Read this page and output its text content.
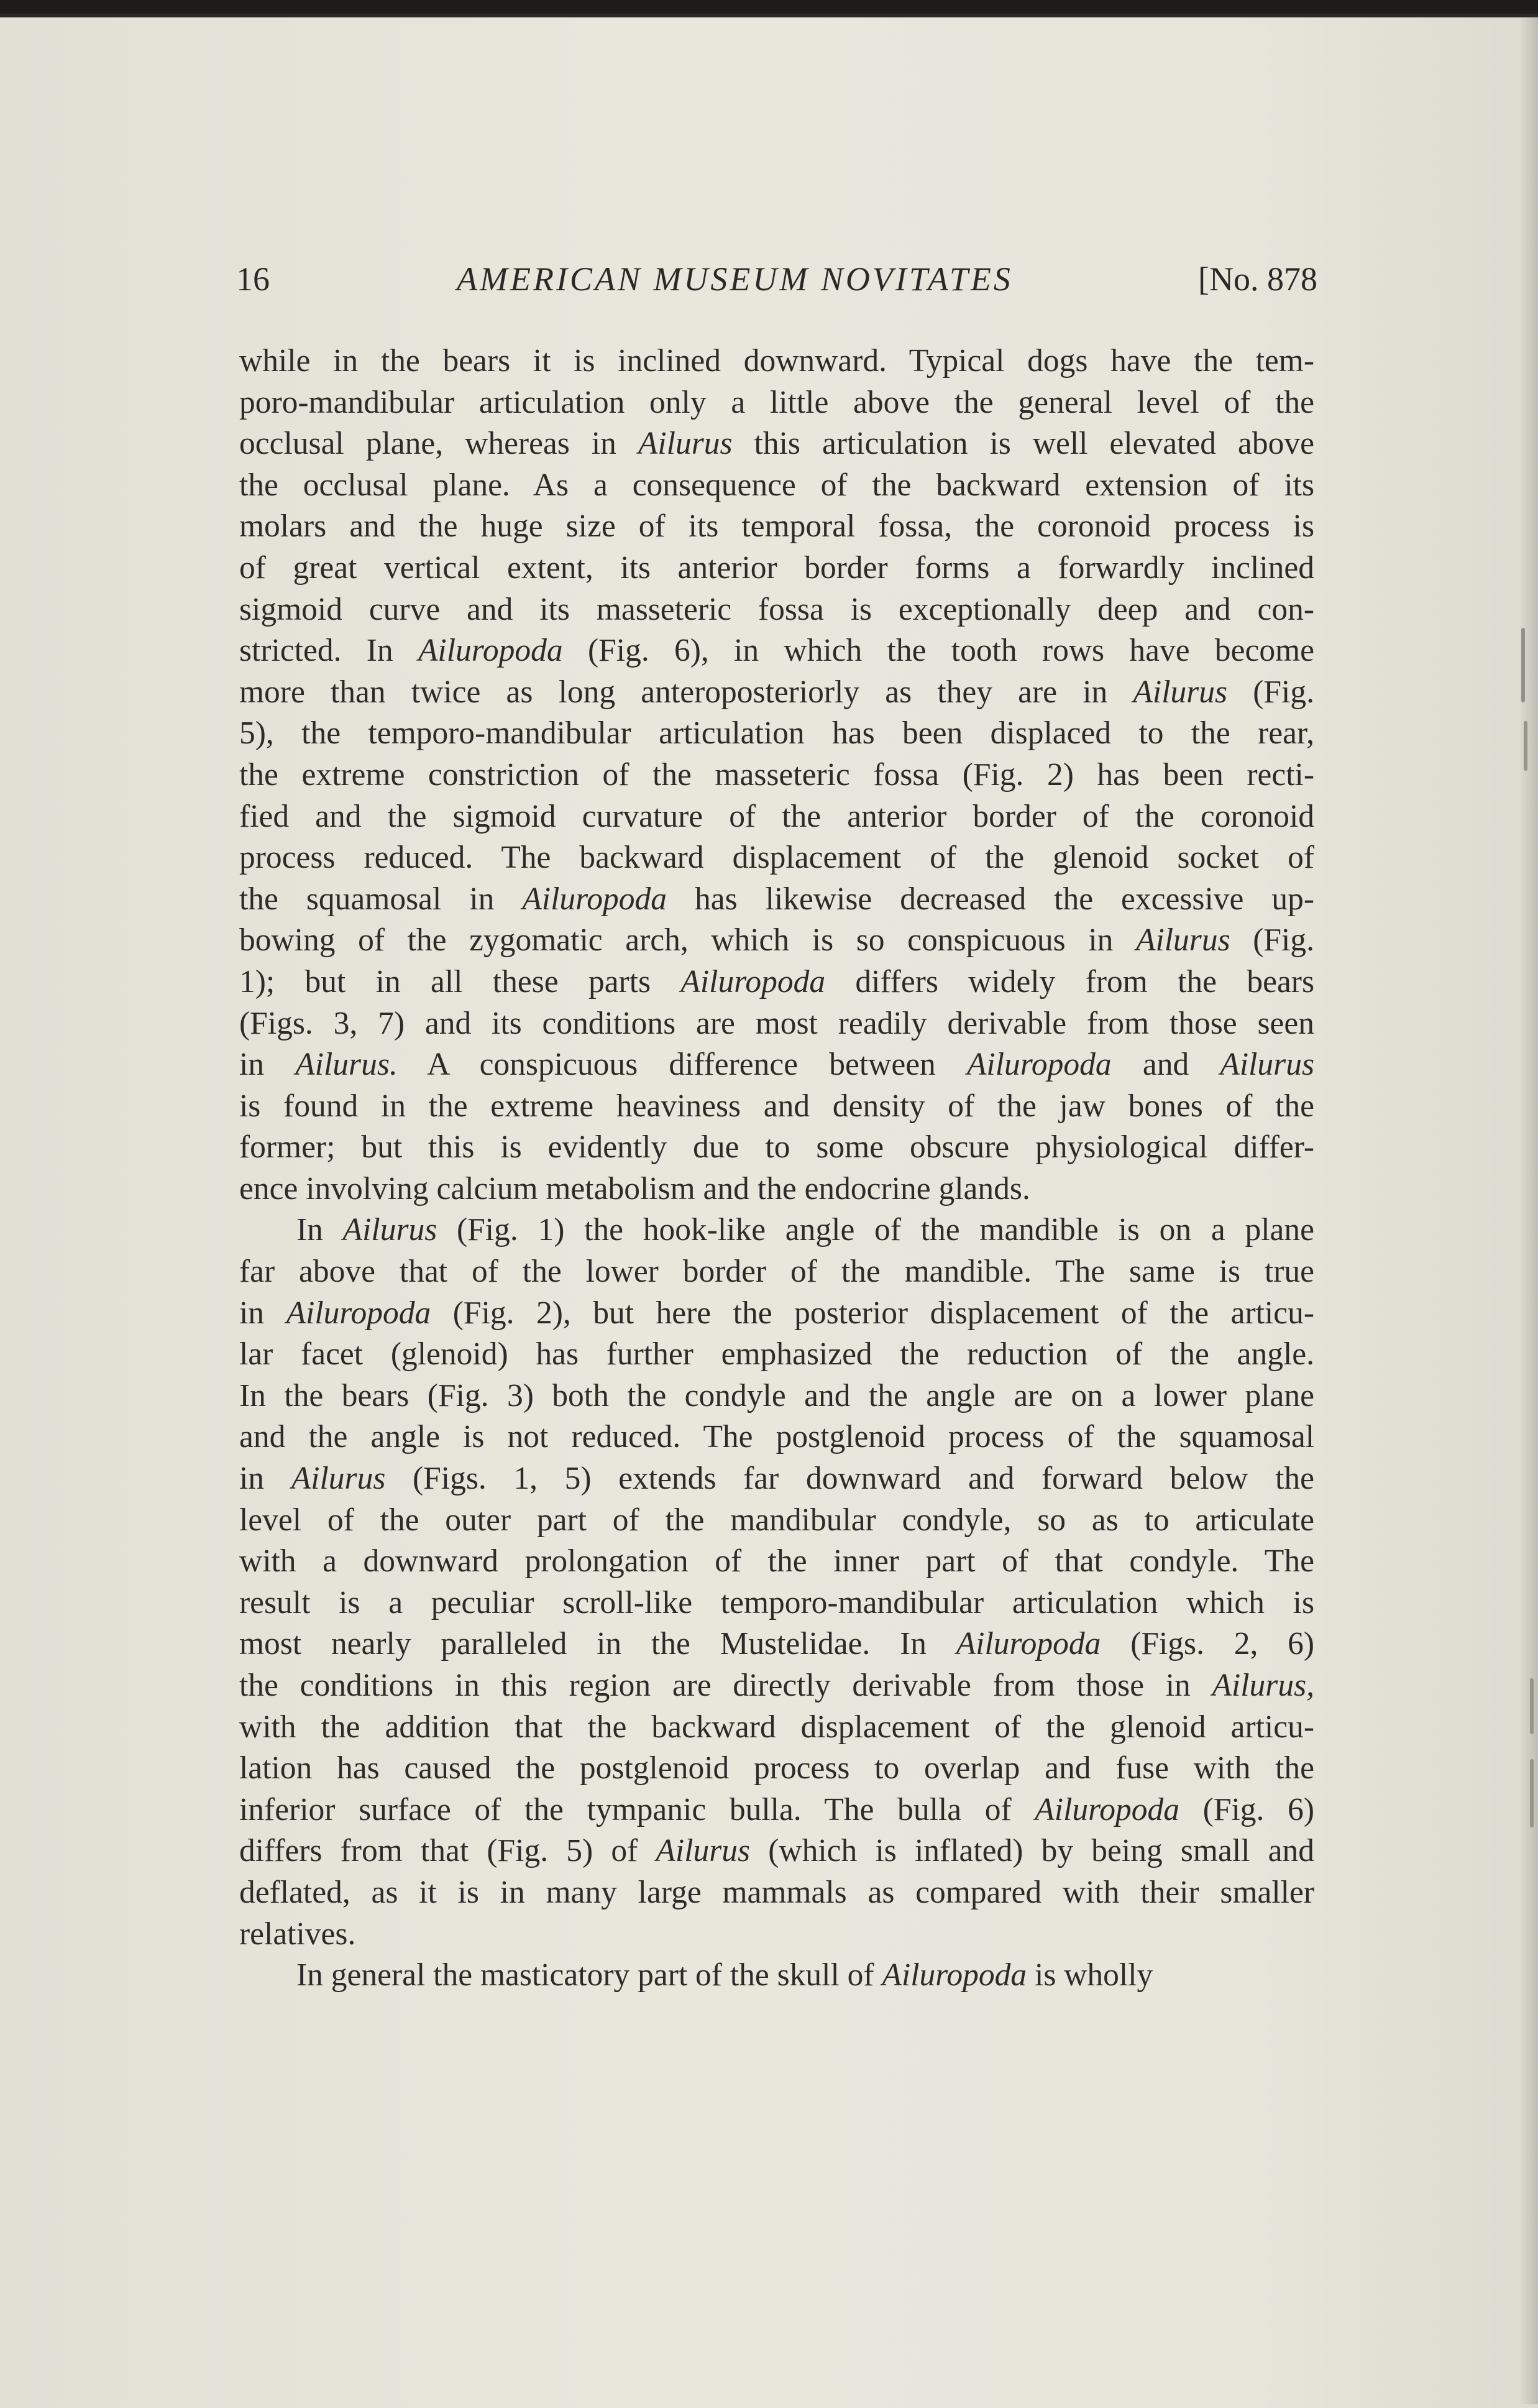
16	AMERICAN MUSEUM NOVITATES	[No. 878
while in the bears it is inclined downward. Typical dogs have the tem-
poro-mandibular articulation only a little above the general level of the
occlusal plane, whereas in Ailurus this articulation is well elevated above
the occlusal plane. As a consequence of the backward extension of its
molars and the huge size of its temporal fossa, the coronoid process is
of great vertical extent, its anterior border forms a forwardly inclined
sigmoid curve and its masseteric fossa is exceptionally deep and con-
stricted. In Ailuropoda (Fig. 6), in which the tooth rows have become
more than twice as long anteroposteriorly as they are in Ailurus (Fig.
5), the temporo-mandibular articulation has been displaced to the rear,
the extreme constriction of the masseteric fossa (Fig. 2) has been recti-
fied and the sigmoid curvature of the anterior border of the coronoid
process reduced. The backward displacement of the glenoid socket of
the squamosal in Ailuropoda has likewise decreased the excessive up-
bowing of the zygomatic arch, which is so conspicuous in Ailurus (Fig.
1); but in all these parts Ailuropoda differs widely from the bears
(Figs. 3, 7) and its conditions are most readily derivable from those seen
in Ailurus. A conspicuous difference between Ailuropoda and Ailurus
is found in the extreme heaviness and density of the jaw bones of the
former; but this is evidently due to some obscure physiological differ-
ence involving calcium metabolism and the endocrine glands.
In Ailurus (Fig. 1) the hook-like angle of the mandible is on a plane
far above that of the lower border of the mandible. The same is true
in Ailuropoda (Fig. 2), but here the posterior displacement of the articu-
lar facet (glenoid) has further emphasized the reduction of the angle.
In the bears (Fig. 3) both the condyle and the angle are on a lower plane
and the angle is not reduced. The postglenoid process of the squamosal
in Ailurus (Figs. 1, 5) extends far downward and forward below the
level of the outer part of the mandibular condyle, so as to articulate
with a downward prolongation of the inner part of that condyle. The
result is a peculiar scroll-like temporo-mandibular articulation which is
most nearly paralleled in the Mustelidae. In Ailuropoda (Figs. 2, 6)
the conditions in this region are directly derivable from those in Ailurus,
with the addition that the backward displacement of the glenoid articu-
lation has caused the postglenoid process to overlap and fuse with the
inferior surface of the tympanic bulla. The bulla of Ailuropoda (Fig. 6)
differs from that (Fig. 5) of Ailurus (which is inflated) by being small and
deflated, as it is in many large mammals as compared with their smaller
relatives.
In general the masticatory part of the skull of Ailuropoda is wholly
